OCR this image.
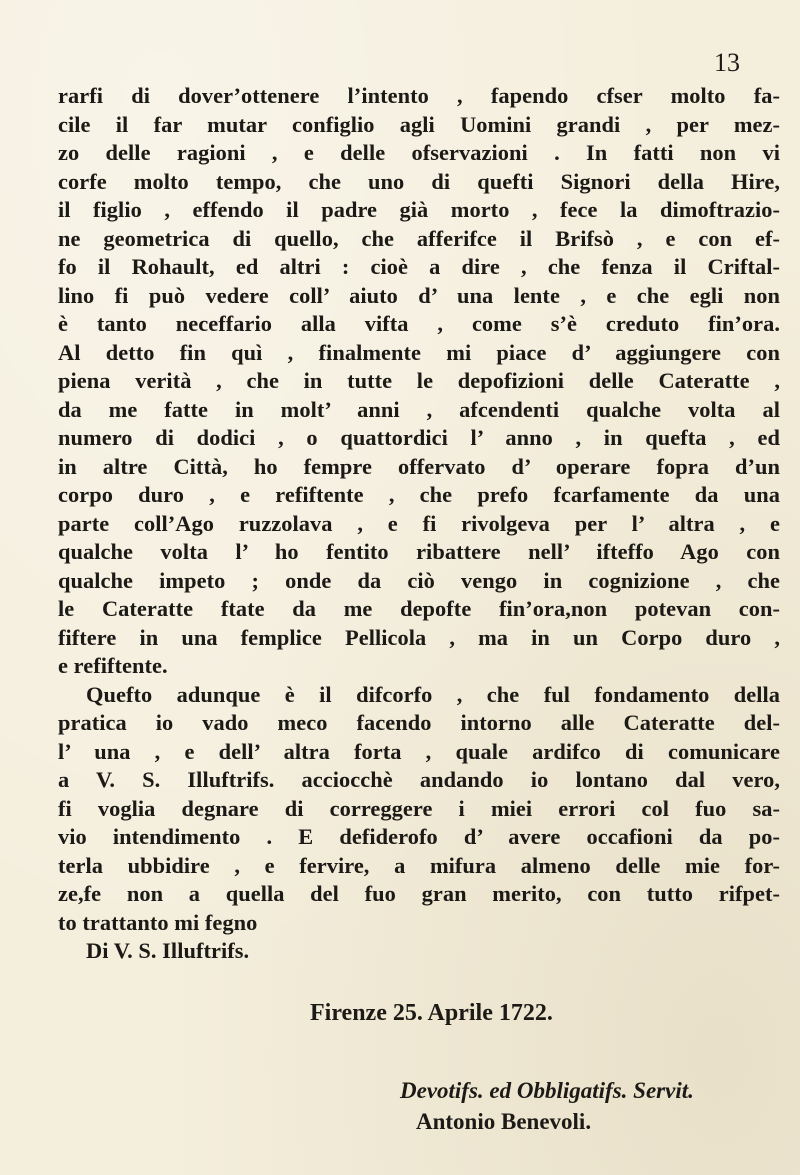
13
rarfi di dover’ottenere l’intento , fapendo cfser molto fa-
cile il far mutar configlio agli Uomini grandi , per mez-
zo delle ragioni , e delle ofservazioni . In fatti non vi
corfe molto tempo, che uno di quefti Signori della Hire,
il figlio , effendo il padre già morto , fece la dimoftrazio-
ne geometrica di quello, che afferifce il Brifsò , e con ef-
fo il Rohault, ed altri : cioè a dire , che fenza il Criftal-
lino fi può vedere coll’ aiuto d’ una lente , e che egli non
è tanto neceffario alla vifta , come s’è creduto fin’ora.
Al detto fin quì , finalmente mi piace d’ aggiungere con
piena verità , che in tutte le depofizioni delle Cateratte ,
da me fatte in molt’ anni , afcendenti qualche volta al
numero di dodici , o quattordici l’ anno , in quefta , ed
in altre Città, ho fempre offervato d’ operare fopra d’un
corpo duro , e refiftente , che prefo fcarfamente da una
parte coll’Ago ruzzolava , e fi rivolgeva per l’ altra , e
qualche volta l’ ho fentito ribattere nell’ ifteffo Ago con
qualche impeto ; onde da ciò vengo in cognizione , che
le Cateratte ftate da me depofte fin’ora,non potevan con-
fiftere in una femplice Pellicola , ma in un Corpo duro ,
e refiftente.
Quefto adunque è il difcorfo , che ful fondamento della
pratica io vado meco facendo intorno alle Cateratte del-
l’ una , e dell’ altra forta , quale ardifco di comunicare
a V. S. Illuftrifs. acciocchè andando io lontano dal vero,
fi voglia degnare di correggere i miei errori col fuo sa-
vio intendimento . E defiderofo d’ avere occafioni da po-
terla ubbidire , e fervire, a mifura almeno delle mie for-
ze,fe non a quella del fuo gran merito, con tutto rifpet-
to trattanto mi fegno
Di V. S. Illuftrifs.
Firenze 25. Aprile 1722.
Devotifs. ed Obbligatifs. Servit.
Antonio Benevoli.
